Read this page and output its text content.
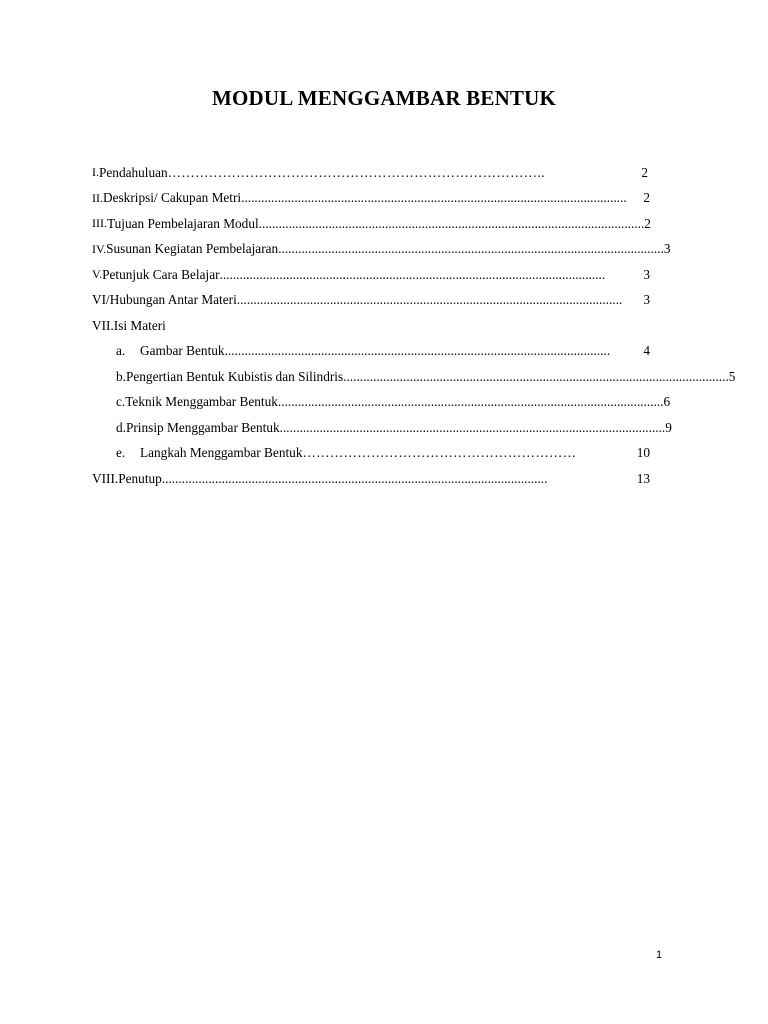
MODUL MENGGAMBAR BENTUK
I. Pendahuluan ………………………………………………………………………..	2
II. Deskripsi/ Cakupan Metri ....................................................................................................................	2
III. Tujuan Pembelajaran Modul .................................................................................................................... 2
IV. Susunan Kegiatan Pembelajaran .................................................................................................................... 3
V. Petunjuk Cara Belajar ....................................................................................................................	3
VI/ Hubungan Antar Materi ....................................................................................................................	3
VII. Isi Materi
a.	Gambar Bentuk ....................................................................................................................	4
b. Pengertian Bentuk Kubistis dan Silindris .................................................................................................................... 5
c. Teknik Menggambar Bentuk .................................................................................................................... 6
d. Prinsip Menggambar Bentuk .................................................................................................................... 9
e.	Langkah Menggambar Bentuk ……………………………………………………	10
VIII. Penutup ....................................................................................................................	13
1
